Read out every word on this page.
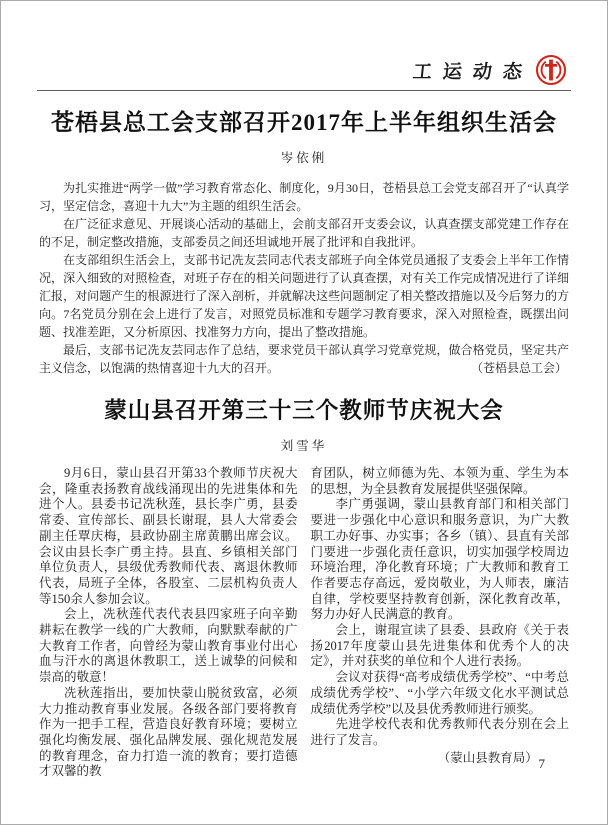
工运动态
苍梧县总工会支部召开2017年上半年组织生活会
岑依俐

为扎实推进“两学一做”学习教育常态化、制度化，9月30日，苍梧县总工会党支部召开了“认真学习，坚定信念，喜迎十九大”为主题的组织生活会。

在广泛征求意见、开展谈心活动的基础上，会前支部召开支委会议，认真查摆支部党建工作存在的不足，制定整改措施，支部委员之间还坦诚地开展了批评和自我批评。

在支部组织生活会上，支部书记冼友芸同志代表支部班子向全体党员通报了支委会上半年工作情况，深入细致的对照检查，对班子存在的相关问题进行了认真查摆，对有关工作完成情况进行了详细汇报，对问题产生的根源进行了深入剖析，并就解决这些问题制定了相关整改措施以及今后努力的方向。7名党员分别在会上进行了发言，对照党员标准和专题学习教育要求，深入对照检查，既摆出问题、找准差距，又分析原因、找准努力方向，提出了整改措施。

最后，支部书记冼友芸同志作了总结，要求党员干部认真学习党章党规，做合格党员，坚定共产主义信念，以饱满的热情喜迎十九大的召开。	（苍梧县总工会）
蒙山县召开第三十三个教师节庆祝大会
刘雪华

9月6日，蒙山县召开第33个教师节庆祝大会，隆重表扬教育战线涌现出的先进集体和先进个人。县委书记冼秋莲，县长李广勇，县委常委、宣传部长、副县长谢琨，县人大常委会副主任覃庆梅，县政协副主席黄鹏出席会议。会议由县长李广勇主持。县直、乡镇相关部门单位负责人，县级优秀教师代表、离退休教师代表，局班子全体，各股室、二层机构负责人等150余人参加会议。

会上，冼秋莲代表代表县四家班子向辛勤耕耘在教学一线的广大教师，向默默奉献的广大教育工作者，向曾经为蒙山教育事业付出心血与汗水的离退休教职工，送上诚挚的问候和崇高的敬意！

冼秋莲指出，要加快蒙山脱贫致富，必须大力推动教育事业发展。各级各部门要将教育作为一把手工程，营造良好教育环境；要树立强化均衡发展、强化品牌发展、强化规范发展的教育理念，奋力打造一流的教育；要打造德才双馨的教

育团队，树立师德为先、本领为重、学生为本的思想，为全县教育发展提供坚强保障。

李广勇强调，蒙山县教育部门和相关部门要进一步强化中心意识和服务意识，为广大教职工办好事、办实事；各乡（镇）、县直有关部门要进一步强化责任意识，切实加强学校周边环境治理，净化教育环境；广大教师和教育工作者要志存高远，爱岗敬业，为人师表，廉洁自律，学校要坚持教育创新，深化教育改革，努力办好人民满意的教育。

会上，谢琨宣读了县委、县政府《关于表扬2017年度蒙山县先进集体和优秀个人的决定》，并对获奖的单位和个人进行表扬。

会议对获得“高考成绩优秀学校”、“中考总成绩优秀学校”、“小学六年级文化水平测试总成绩优秀学校”以及县优秀教师进行颁奖。

先进学校代表和优秀教师代表分别在会上进行了发言。

（蒙山县教育局） 7
